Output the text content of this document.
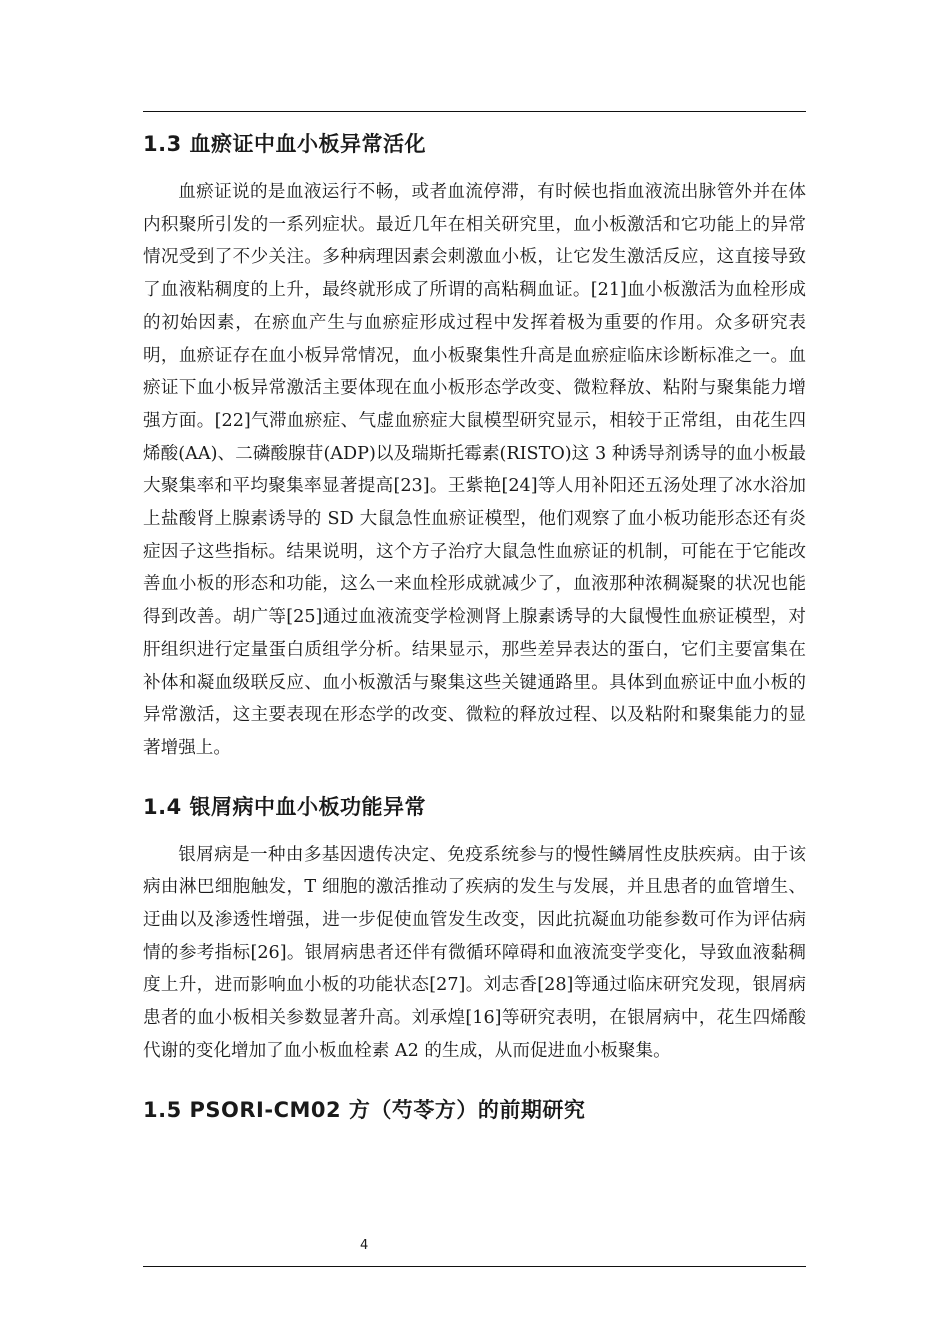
1.3 血瘀证中血小板异常活化

血瘀证说的是血液运行不畅，或者血流停滞，有时候也指血液流出脉管外并在体内积聚所引发的一系列症状。最近几年在相关研究里，血小板激活和它功能上的异常情况受到了不少关注。多种病理因素会刺激血小板，让它发生激活反应，这直接导致了血液粘稠度的上升，最终就形成了所谓的高粘稠血证。[21]血小板激活为血栓形成的初始因素，在瘀血产生与血瘀症形成过程中发挥着极为重要的作用。众多研究表明，血瘀证存在血小板异常情况，血小板聚集性升高是血瘀症临床诊断标准之一。血瘀证下血小板异常激活主要体现在血小板形态学改变、微粒释放、粘附与聚集能力增强方面。[22]气滞血瘀症、气虚血瘀症大鼠模型研究显示，相较于正常组，由花生四烯酸(AA)、二磷酸腺苷(ADP)以及瑞斯托霉素(RISTO)这 3 种诱导剂诱导的血小板最大聚集率和平均聚集率显著提高[23]。王紫艳[24]等人用补阳还五汤处理了冰水浴加上盐酸肾上腺素诱导的 SD 大鼠急性血瘀证模型，他们观察了血小板功能形态还有炎症因子这些指标。结果说明，这个方子治疗大鼠急性血瘀证的机制，可能在于它能改善血小板的形态和功能，这么一来血栓形成就减少了，血液那种浓稠凝聚的状况也能得到改善。胡广等[25]通过血液流变学检测肾上腺素诱导的大鼠慢性血瘀证模型，对肝组织进行定量蛋白质组学分析。结果显示，那些差异表达的蛋白，它们主要富集在补体和凝血级联反应、血小板激活与聚集这些关键通路里。具体到血瘀证中血小板的异常激活，这主要表现在形态学的改变、微粒的释放过程、以及粘附和聚集能力的显著增强上。

1.4 银屑病中血小板功能异常

银屑病是一种由多基因遗传决定、免疫系统参与的慢性鳞屑性皮肤疾病。由于该病由淋巴细胞触发，T 细胞的激活推动了疾病的发生与发展，并且患者的血管增生、迂曲以及渗透性增强，进一步促使血管发生改变，因此抗凝血功能参数可作为评估病情的参考指标[26]。银屑病患者还伴有微循环障碍和血液流变学变化，导致血液黏稠度上升，进而影响血小板的功能状态[27]。刘志香[28]等通过临床研究发现，银屑病患者的血小板相关参数显著升高。刘承煌[16]等研究表明，在银屑病中，花生四烯酸代谢的变化增加了血小板血栓素 A2 的生成，从而促进血小板聚集。

1.5 PSORI-CM02 方（芍苓方）的前期研究
4
